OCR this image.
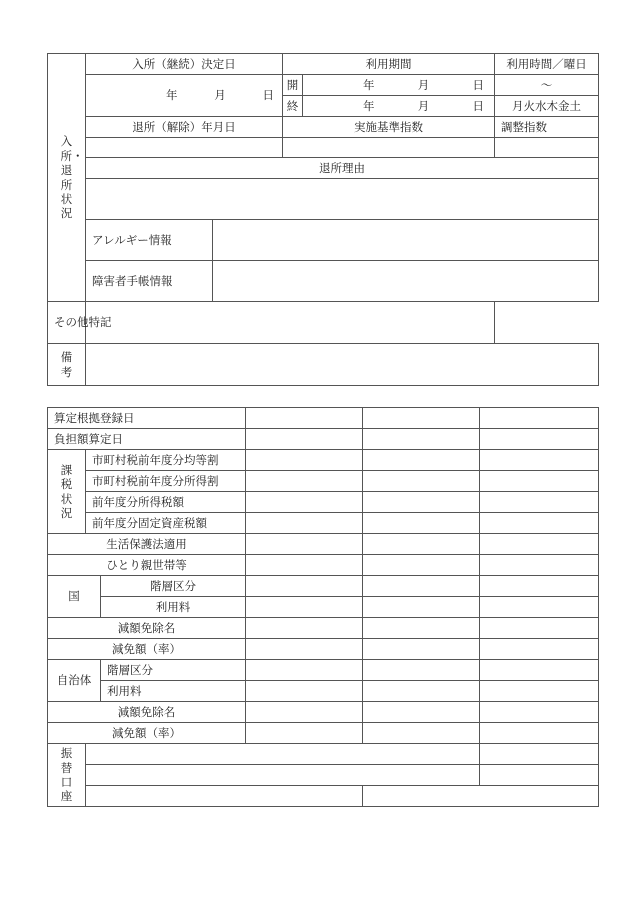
入所・退所状況	入所（継続）決定日		利用期間		利用時間／曜日

	年 月 日		開	年 月 日	〜
			終	年 月 日	月火水木金土
	退所（解除）年月日		実施基準指数		調整指数

	退所理由				

	アレルギー情報				
	障害者手帳情報				
その他特記					
備考					
算定根拠登録日					
負担額算定日					
課税状況	市町村税前年度分均等割				
	市町村税前年度分所得割				
	前年度分所得税額				
	前年度分固定資産税額				
生活保護法適用					
ひとり親世帯等					
国		階層区分			
		利用料			
減額免除名					
減免額（率）					
自治体		階層区分			
		利用料			
減額免除名					
減免額（率）					
振替口座					
